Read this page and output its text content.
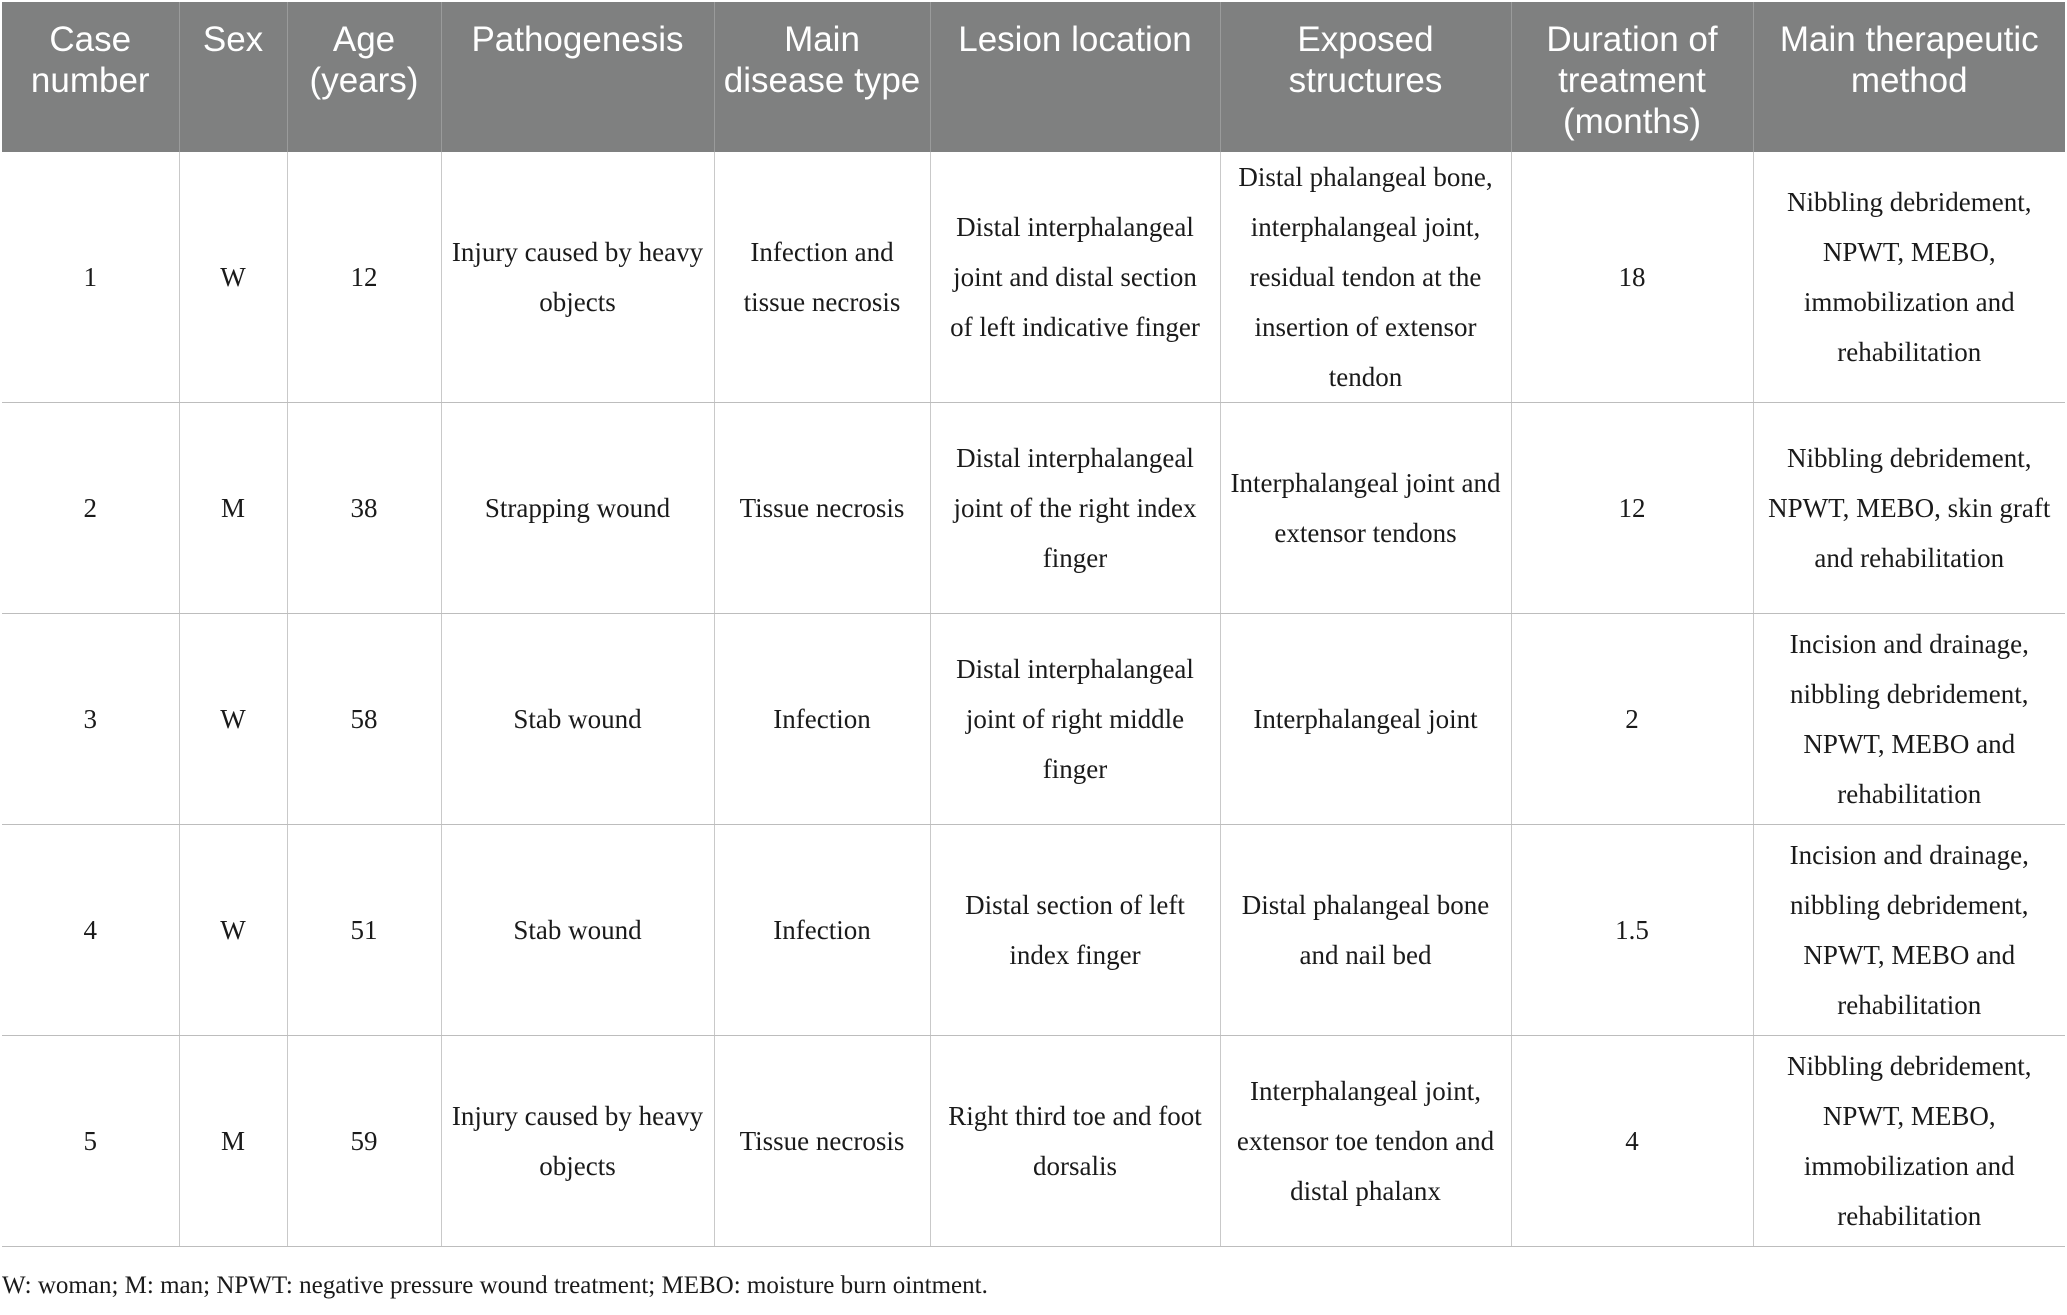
Case number	Sex	Age (years)	Pathogenesis	Main disease type	Lesion location	Exposed structures	Duration of treatment (months)	Main therapeutic method
1	W	12	Injury caused by heavy objects	Infection and tissue necrosis	Distal interphalangeal joint and distal section of left indicative finger	Distal phalangeal bone, interphalangeal joint, residual tendon at the insertion of extensor tendon	18	Nibbling debridement, NPWT, MEBO, immobilization and rehabilitation
2	M	38	Strapping wound	Tissue necrosis	Distal interphalangeal joint of the right index finger	Interphalangeal joint and extensor tendons	12	Nibbling debridement, NPWT, MEBO, skin graft and rehabilitation
3	W	58	Stab wound	Infection	Distal interphalangeal joint of right middle finger	Interphalangeal joint	2	Incision and drainage, nibbling debridement, NPWT, MEBO and rehabilitation
4	W	51	Stab wound	Infection	Distal section of left index finger	Distal phalangeal bone and nail bed	1.5	Incision and drainage, nibbling debridement, NPWT, MEBO and rehabilitation
5	M	59	Injury caused by heavy objects	Tissue necrosis	Right third toe and foot dorsalis	Interphalangeal joint, extensor toe tendon and distal phalanx	4	Nibbling debridement, NPWT, MEBO, immobilization and rehabilitation
W: woman; M: man; NPWT: negative pressure wound treatment; MEBO: moisture burn ointment.
